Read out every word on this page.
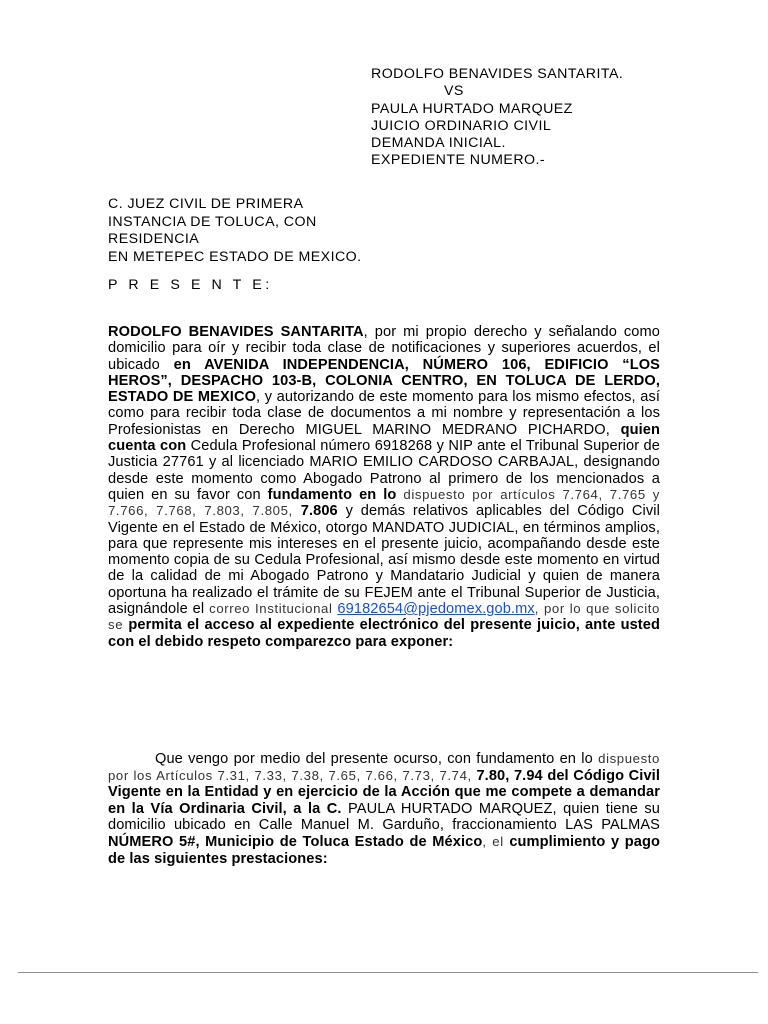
RODOLFO BENAVIDES SANTARITA.
VS
PAULA HURTADO MARQUEZ
JUICIO ORDINARIO CIVIL
DEMANDA INICIAL.
EXPEDIENTE NUMERO.-
C. JUEZ CIVIL DE PRIMERA
INSTANCIA DE TOLUCA, CON
RESIDENCIA
EN METEPEC ESTADO DE MEXICO.
P R E S E N T E:
RODOLFO BENAVIDES SANTARITA, por mi propio derecho y señalando como domicilio para oír y recibir toda clase de notificaciones y superiores acuerdos, el ubicado en AVENIDA INDEPENDENCIA, NÚMERO 106, EDIFICIO “LOS HEROS”, DESPACHO 103-B, COLONIA CENTRO, EN TOLUCA DE LERDO, ESTADO DE MEXICO, y autorizando de este momento para los mismo efectos, así como para recibir toda clase de documentos a mi nombre y representación a los Profesionistas en Derecho MIGUEL MARINO MEDRANO PICHARDO, quien cuenta con Cedula Profesional número 6918268 y NIP ante el Tribunal Superior de Justicia 27761 y al licenciado MARIO EMILIO CARDOSO CARBAJAL, designando desde este momento como Abogado Patrono al primero de los mencionados a quien en su favor con fundamento en lo dispuesto por artículos 7.764, 7.765 y 7.766, 7.768, 7.803, 7.805, 7.806 y demás relativos aplicables del Código Civil Vigente en el Estado de México, otorgo MANDATO JUDICIAL, en términos amplios, para que represente mis intereses en el presente juicio, acompañando desde este momento copia de su Cedula Profesional, así mismo desde este momento en virtud de la calidad de mi Abogado Patrono y Mandatario Judicial y quien de manera oportuna ha realizado el trámite de su FEJEM ante el Tribunal Superior de Justicia, asignándole el correo Institucional 69182654@pjedomex.gob.mx, por lo que solicito se permita el acceso al expediente electrónico del presente juicio, ante usted con el debido respeto comparezco para exponer:
Que vengo por medio del presente ocurso, con fundamento en lo dispuesto por los Artículos 7.31, 7.33, 7.38, 7.65, 7.66, 7.73, 7.74, 7.80, 7.94 del Código Civil Vigente en la Entidad y en ejercicio de la Acción que me compete a demandar en la Vía Ordinaria Civil, a la C. PAULA HURTADO MARQUEZ, quien tiene su domicilio ubicado en Calle Manuel M. Garduño, fraccionamiento LAS PALMAS NÚMERO 5#, Municipio de Toluca Estado de México, el cumplimiento y pago de las siguientes prestaciones:
